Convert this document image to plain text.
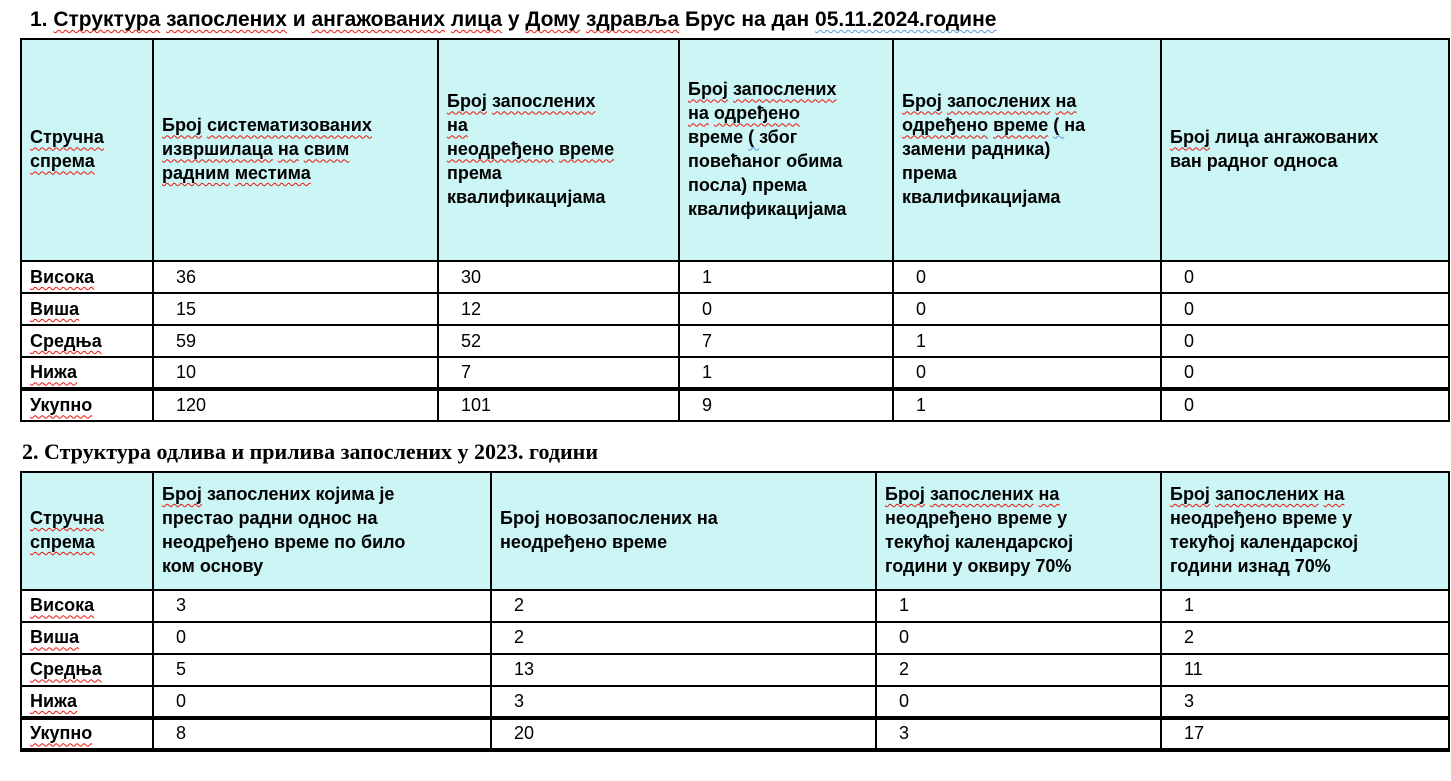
1. Структура запослених и ангажованих лица у Дому здравља Брус на дан 05.11.2024.године
Стручна спрема	Број систематизованих
извршилаца на свим
радним местима	Број запослених
на
неодређено време
према
квалификацијама	Број запослених
на одређено
време ( због
повећаног обима
посла) према
квалификацијама	Број запослених на
одређено време ( на
замени радника)
према
квалификацијама	Број лица ангажованих
ван радног односа
Висока	36	30	1	0	0
Виша	15	12	0	0	0
Средња	59	52	7	1	0
Нижа	10	7	1	0	0
Укупно	120	101	9	1	0
2. Структура одлива и прилива запослених у 2023. години
Стручна спрема	Број запослених којима је
престао радни однос на
неодређено време по било
ком основу	Број новозапослених на
неодређено време	Број запослених на
неодређено време у
текућој календарској
години у оквиру 70%	Број запослених на
неодређено време у
текућој календарској
години изнад 70%
Висока	3	2	1	1
Виша	0	2	0	2
Средња	5	13	2	11
Нижа	0	3	0	3
Укупно	8	20	3	17
